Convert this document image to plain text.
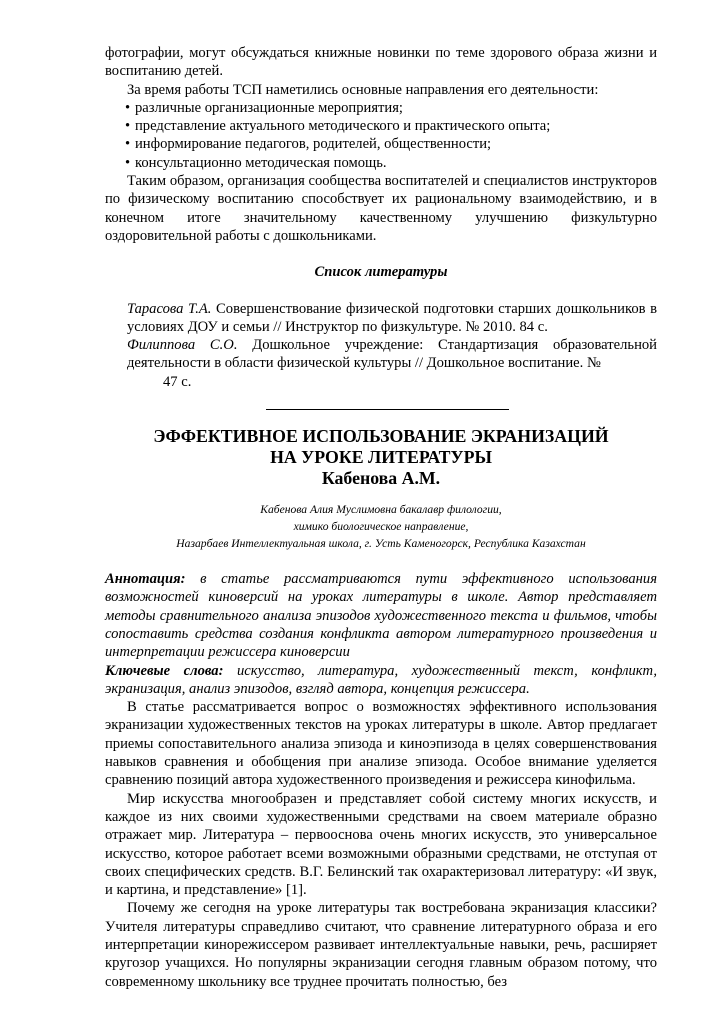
фотографии, могут обсуждаться книжные новинки по теме здорового образа жизни и воспитанию детей.

За время работы ТСП наметились основные направления его деятельности:

• различные организационные мероприятия;

• представление актуального методического и практического опыта;

• информирование педагогов, родителей, общественности;

• консультационно методическая помощь.

Таким образом, организация сообщества воспитателей и специалистов инструкторов по физическому воспитанию способствует их рациональному взаимодействию, и в конечном итоге значительному качественному улучшению физкультурно оздоровительной работы с дошкольниками.

Список литературы

Тарасова Т.А. Совершенствование физической подготовки старших дошкольников в условиях ДОУ и семьи // Инструктор по физкультуре. № 2010. 84 с.

Филиппова С.О. Дошкольное учреждение: Стандартизация образовательной деятельности в области физической культуры // Дошкольное воспитание. №

47 с.

ЭФФЕКТИВНОЕ ИСПОЛЬЗОВАНИЕ ЭКРАНИЗАЦИЙ
НА УРОКЕ ЛИТЕРАТУРЫ
Кабенова А.М.
Кабенова Алия Муслимовна бакалавр филологии,
химико биологическое направление,
Назарбаев Интеллектуальная школа, г. Усть Каменогорск, Республика Казахстан

Аннотация: в статье рассматриваются пути эффективного использования возможностей киноверсий на уроках литературы в школе. Автор представляет методы сравнительного анализа эпизодов художественного текста и фильмов, чтобы сопоставить средства создания конфликта автором литературного произведения и интерпретации режиссера киноверсии

Ключевые слова: искусство, литература, художественный текст, конфликт, экранизация, анализ эпизодов, взгляд автора, концепция режиссера.

В статье рассматривается вопрос о возможностях эффективного использования экранизации художественных текстов на уроках литературы в школе. Автор предлагает приемы сопоставительного анализа эпизода и киноэпизода в целях совершенствования навыков сравнения и обобщения при анализе эпизода. Особое внимание уделяется сравнению позиций автора художественного произведения и режиссера кинофильма.

Мир искусства многообразен и представляет собой систему многих искусств, и каждое из них своими художественными средствами на своем материале образно отражает мир. Литература – первооснова очень многих искусств, это универсальное искусство, которое работает всеми возможными образными средствами, не отступая от своих специфических средств. В.Г. Белинский так охарактеризовал литературу: «И звук, и картина, и представление» [1].

Почему же сегодня на уроке литературы так востребована экранизация классики? Учителя литературы справедливо считают, что сравнение литературного образа и его интерпретации кинорежиссером развивает интеллектуальные навыки, речь, расширяет кругозор учащихся. Но популярны экранизации сегодня главным образом потому, что современному школьнику все труднее прочитать полностью, без
